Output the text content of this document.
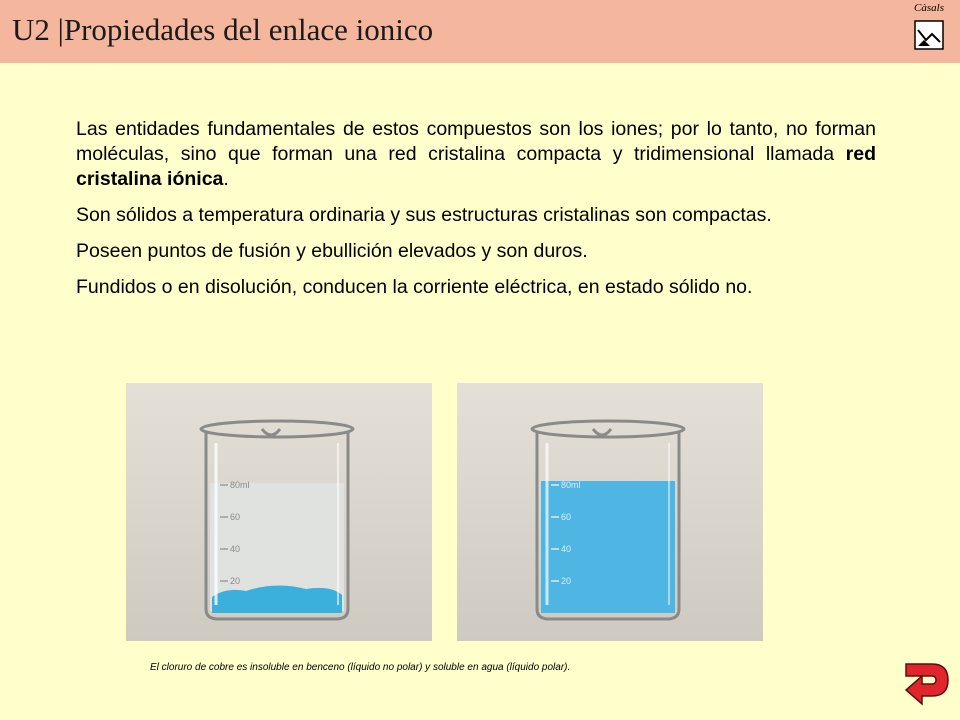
U2 |Propiedades del enlace ionico
Càsals

Las entidades fundamentales de estos compuestos son los iones; por lo tanto, no forman moléculas, sino que forman una red cristalina compacta y tridimensional llamada red cristalina iónica.

Son sólidos a temperatura ordinaria y sus estructuras cristalinas son compactas.

Poseen puntos de fusión y ebullición elevados y son duros.

Fundidos o en disolución, conducen la corriente eléctrica, en estado sólido no.

80ml
60
40
20
80ml
60
40
20
El cloruro de cobre es insoluble en benceno (líquido no polar) y soluble en agua (líquido polar).
